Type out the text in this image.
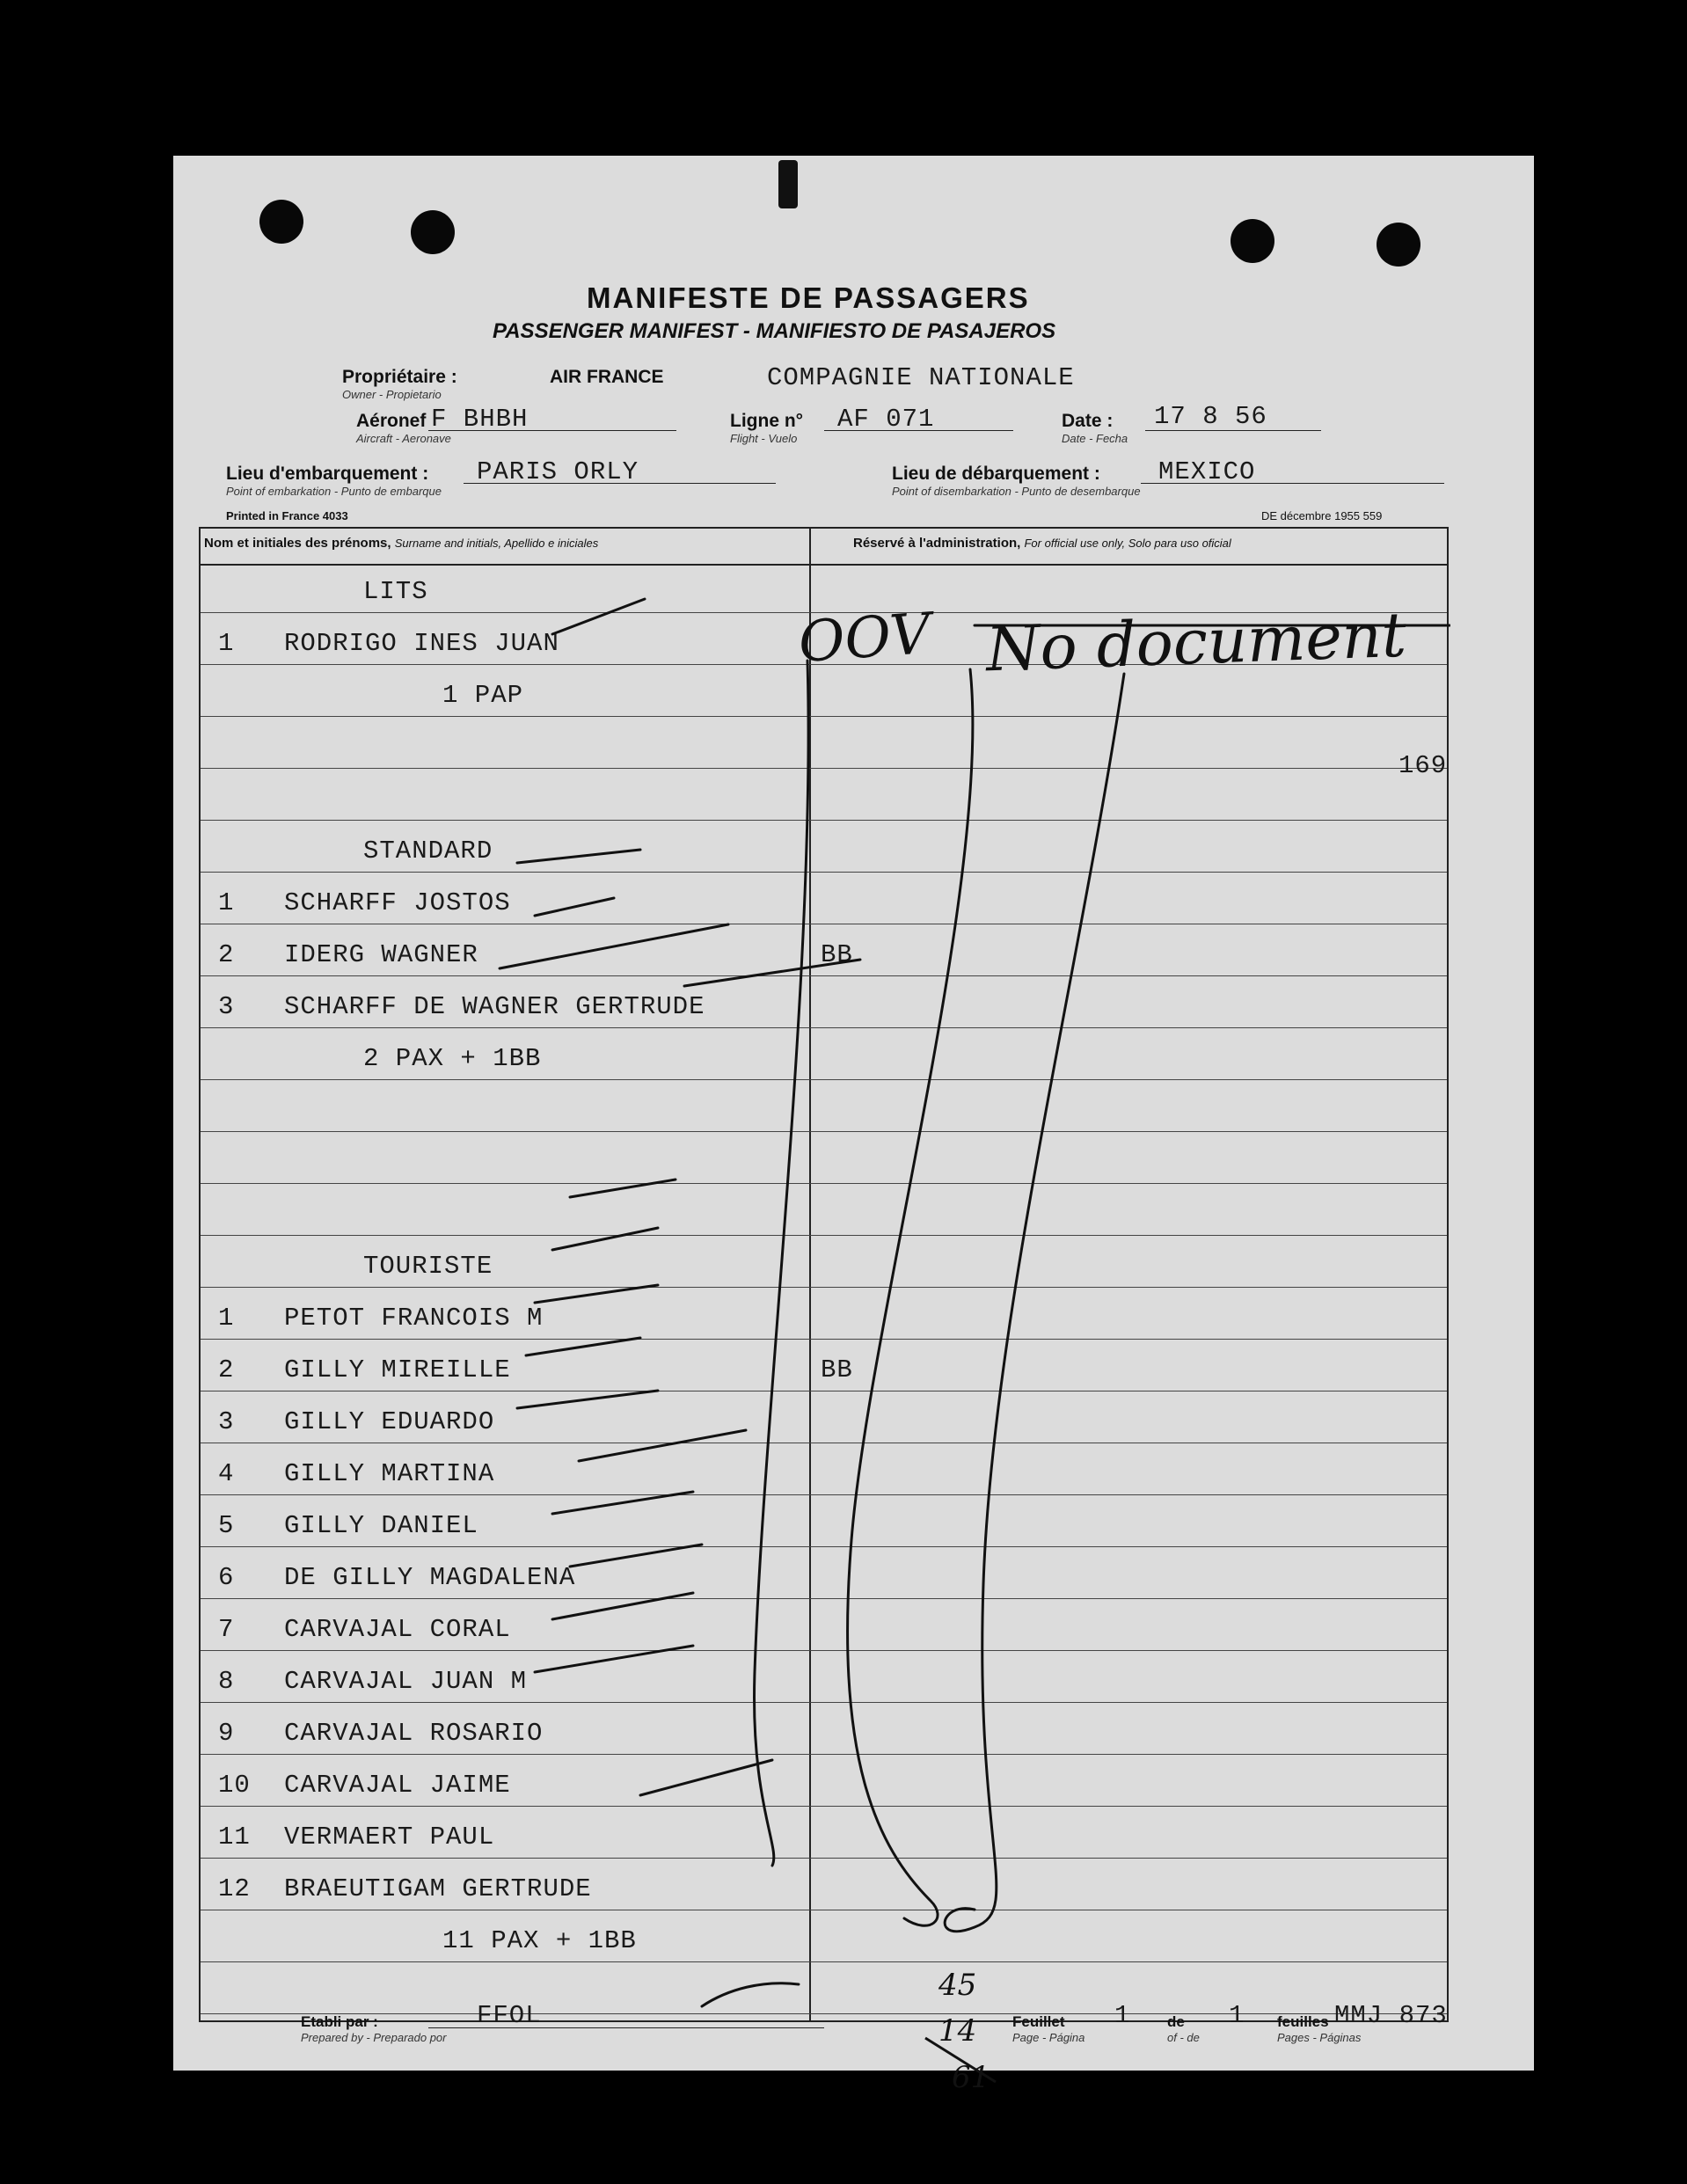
MANIFESTE DE PASSAGERS
PASSENGER MANIFEST - MANIFIESTO DE PASAJEROS
Propriétaire :
Owner - Propietario
AIR FRANCE	COMPAGNIE NATIONALE
Aéronef
Aircraft - Aeronave
F BHBH	Ligne n°
Flight - Vuelo
AF 071	Date :
Date - Fecha
17 8 56
Lieu d'embarquement :
Point of embarkation - Punto de embarque
PARIS ORLY	Lieu de débarquement :
Point of disembarkation - Punto de desembarque
MEXICO
Printed in France 4033	DE décembre 1955 559
Nom et initiales des prénoms, Surname and initials, Apellido e iniciales	Réservé à l'administration, For official use only, Solo para uso oficial
LITS
1 RODRIGO INES JUAN
1 PAP
STANDARD
1 SCHARFF JOSTOS
2 IDERG WAGNER	BB
3 SCHARFF DE WAGNER GERTRUDE
2 PAX + 1BB
TOURISTE
1 PETOT FRANCOIS M
2 GILLY MIREILLE	BB
3 GILLY EDUARDO
4 GILLY MARTINA
5 GILLY DANIEL
6 DE GILLY MAGDALENA
7 CARVAJAL CORAL
8 CARVAJAL JUAN M
9 CARVAJAL ROSARIO
10 CARVAJAL JAIME
11 VERMAERT PAUL
12 BRAEUTIGAM GERTRUDE
11 PAX + 1BB
OOV No document
169
Etabli par :
Prepared by - Preparado por
FFOL	Feuillet
Page - Página
1 de
of - de
1 feuilles
Pages - Páginas
MMJ 873
45
14
61
